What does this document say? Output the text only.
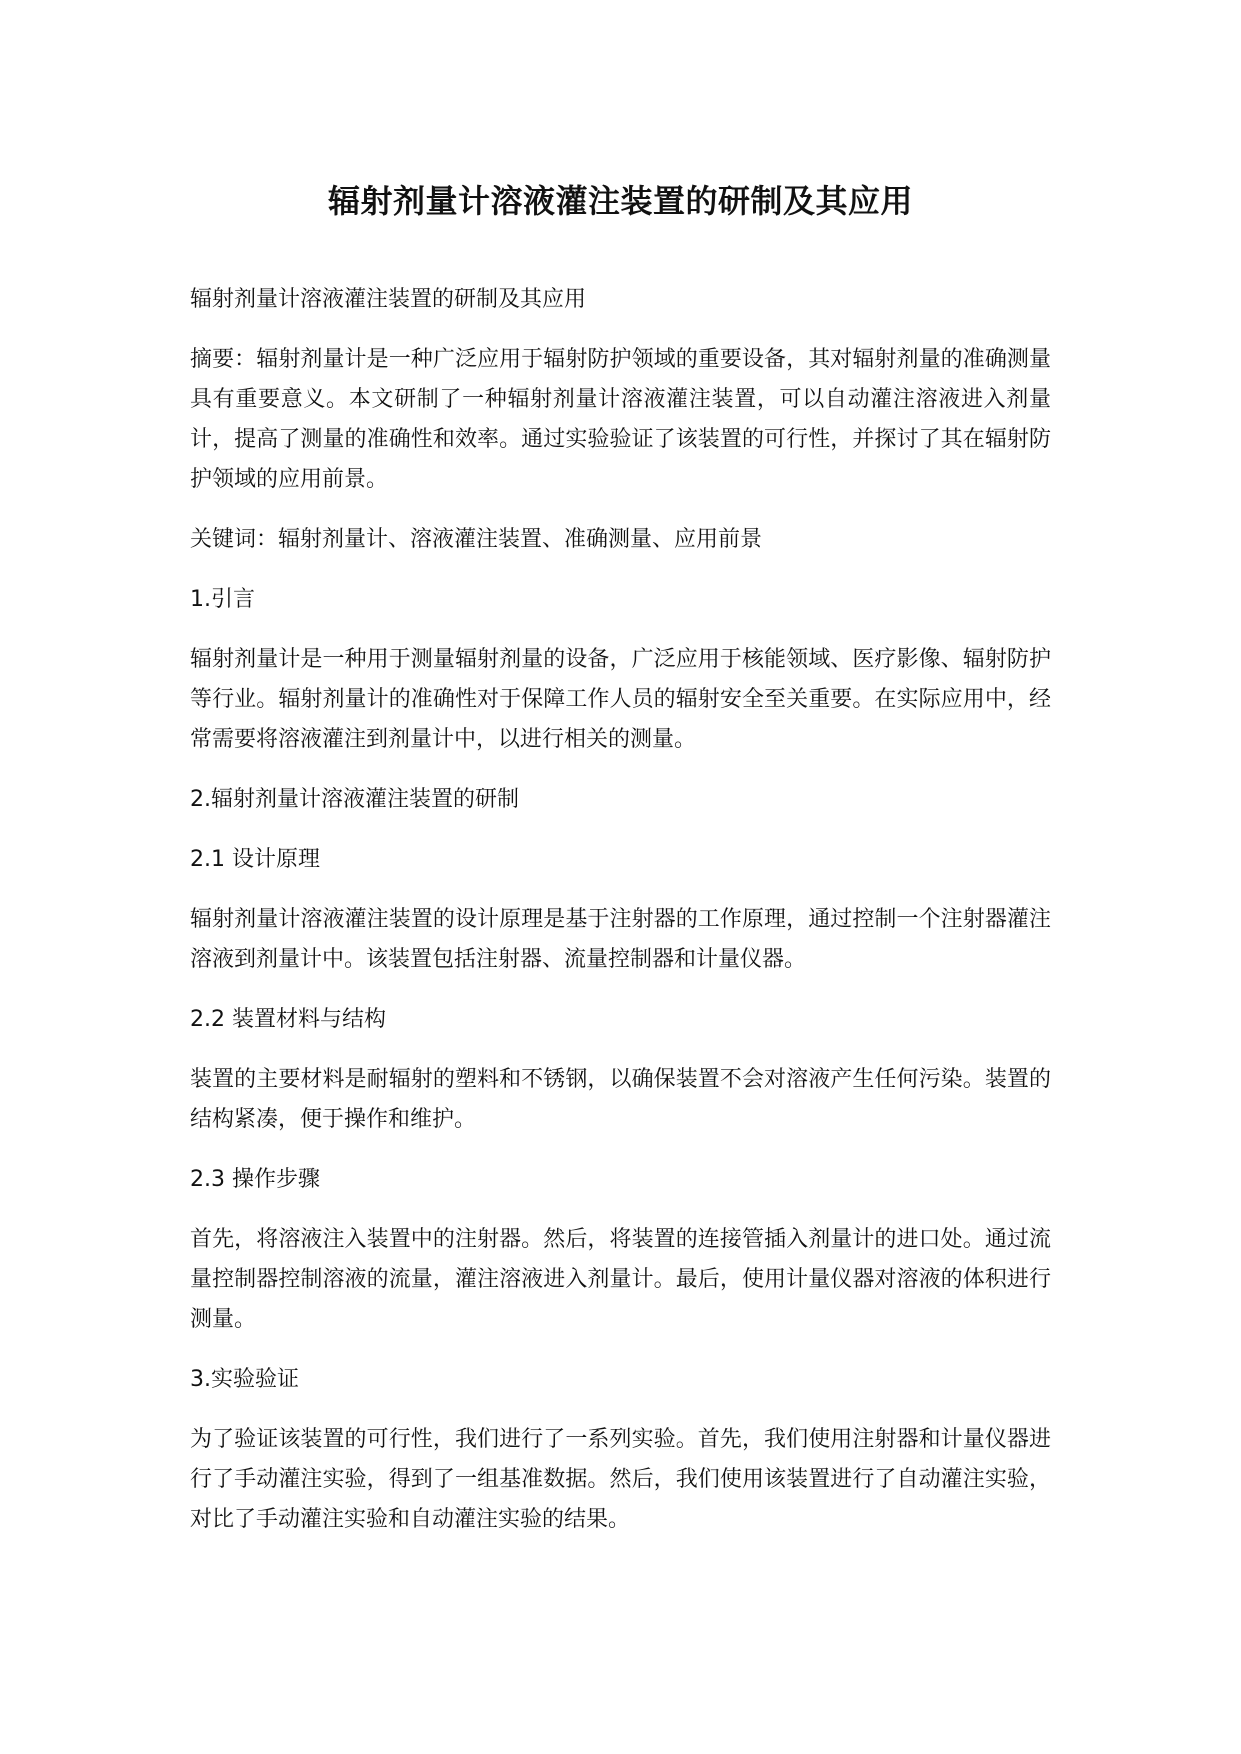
辐射剂量计溶液灌注装置的研制及其应用

辐射剂量计溶液灌注装置的研制及其应用

摘要：辐射剂量计是一种广泛应用于辐射防护领域的重要设备，其对辐射剂量的准确测量具有重要意义。本文研制了一种辐射剂量计溶液灌注装置，可以自动灌注溶液进入剂量计，提高了测量的准确性和效率。通过实验验证了该装置的可行性，并探讨了其在辐射防护领域的应用前景。

关键词：辐射剂量计、溶液灌注装置、准确测量、应用前景

1.引言

辐射剂量计是一种用于测量辐射剂量的设备，广泛应用于核能领域、医疗影像、辐射防护等行业。辐射剂量计的准确性对于保障工作人员的辐射安全至关重要。在实际应用中，经常需要将溶液灌注到剂量计中，以进行相关的测量。

2.辐射剂量计溶液灌注装置的研制

2.1 设计原理

辐射剂量计溶液灌注装置的设计原理是基于注射器的工作原理，通过控制一个注射器灌注溶液到剂量计中。该装置包括注射器、流量控制器和计量仪器。

2.2 装置材料与结构

装置的主要材料是耐辐射的塑料和不锈钢，以确保装置不会对溶液产生任何污染。装置的结构紧凑，便于操作和维护。

2.3 操作步骤

首先，将溶液注入装置中的注射器。然后，将装置的连接管插入剂量计的进口处。通过流量控制器控制溶液的流量，灌注溶液进入剂量计。最后，使用计量仪器对溶液的体积进行测量。

3.实验验证

为了验证该装置的可行性，我们进行了一系列实验。首先，我们使用注射器和计量仪器进行了手动灌注实验，得到了一组基准数据。然后，我们使用该装置进行了自动灌注实验，对比了手动灌注实验和自动灌注实验的结果。
